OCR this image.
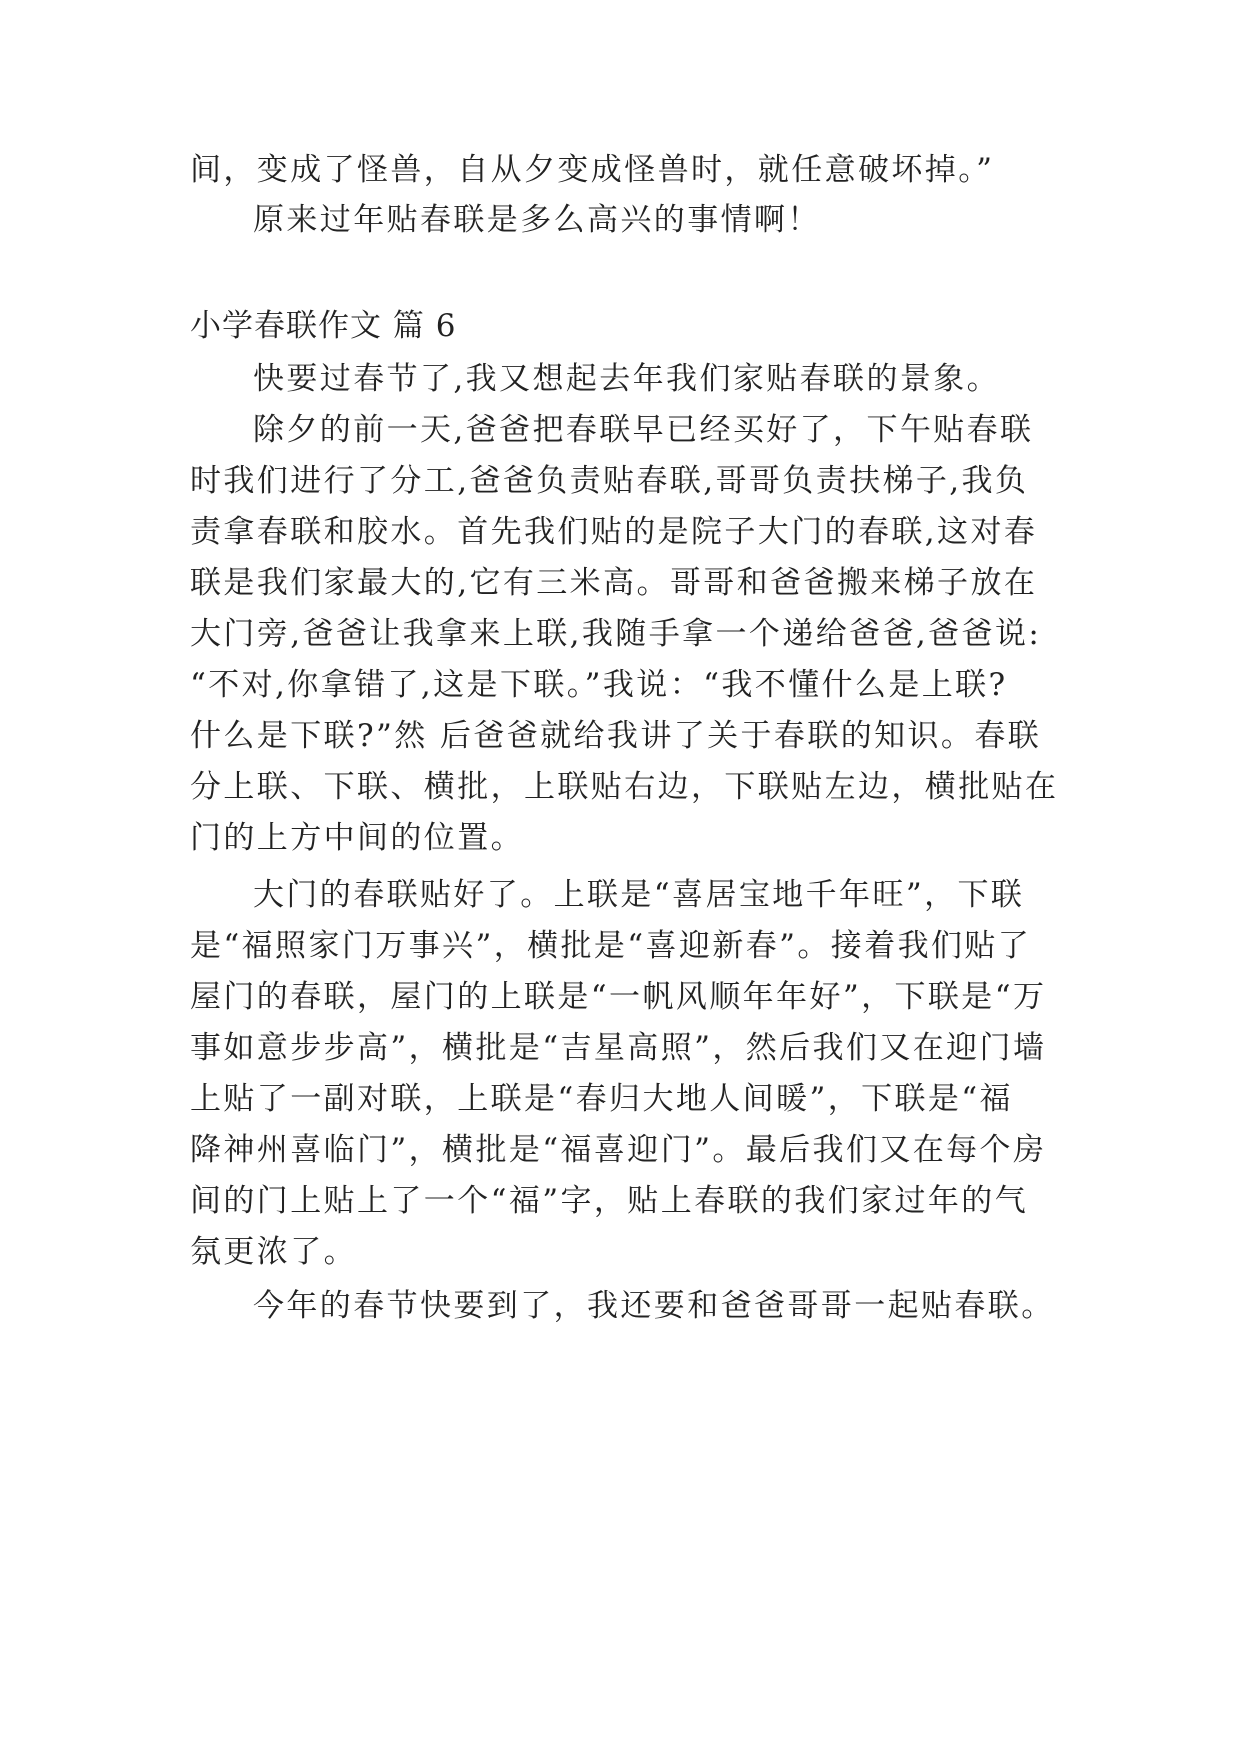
间，变成了怪兽，自从夕变成怪兽时，就任意破坏掉。”
原来过年贴春联是多么高兴的事情啊！
小学春联作文 篇 6
快要过春节了,我又想起去年我们家贴春联的景象。
除夕的前一天,爸爸把春联早已经买好了，下午贴春联
时我们进行了分工,爸爸负责贴春联,哥哥负责扶梯子,我负
责拿春联和胶水。首先我们贴的是院子大门的春联,这对春
联是我们家最大的,它有三米高。哥哥和爸爸搬来梯子放在
大门旁,爸爸让我拿来上联,我随手拿一个递给爸爸,爸爸说:
“不对,你拿错了,这是下联。”我说：“我不懂什么是上联?
什么是下联?”然 后爸爸就给我讲了关于春联的知识。春联
分上联、下联、横批，上联贴右边，下联贴左边，横批贴在
门的上方中间的位置。
大门的春联贴好了。上联是“喜居宝地千年旺”，下联
是“福照家门万事兴”，横批是“喜迎新春”。接着我们贴了
屋门的春联，屋门的上联是“一帆风顺年年好”，下联是“万
事如意步步高”，横批是“吉星高照”，然后我们又在迎门墙
上贴了一副对联，上联是“春归大地人间暖”，下联是“福
降神州喜临门”，横批是“福喜迎门”。最后我们又在每个房
间的门上贴上了一个“福”字，贴上春联的我们家过年的气
氛更浓了。
今年的春节快要到了，我还要和爸爸哥哥一起贴春联。
